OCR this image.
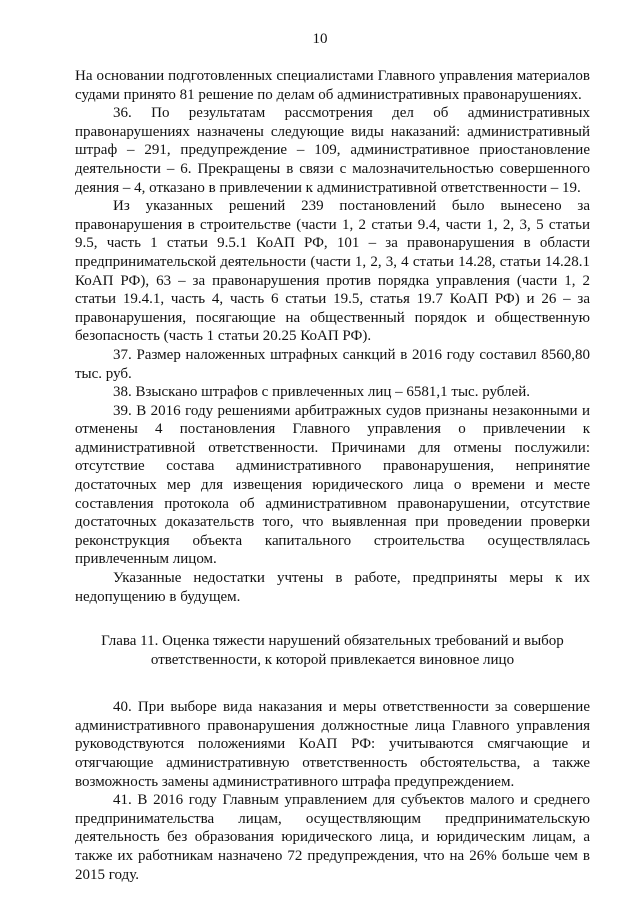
10

На основании подготовленных специалистами Главного управления материалов судами принято 81 решение по делам об административных правонарушениях.

36. По результатам рассмотрения дел об административных правонарушениях назначены следующие виды наказаний: административный штраф – 291, предупреждение – 109, административное приостановление деятельности – 6. Прекращены в связи с малозначительностью совершенного деяния – 4, отказано в привлечении к административной ответственности – 19.

Из указанных решений 239 постановлений было вынесено за правонарушения в строительстве (части 1, 2 статьи 9.4, части 1, 2, 3, 5 статьи 9.5, часть 1 статьи 9.5.1 КоАП РФ, 101 – за правонарушения в области предпринимательской деятельности (части 1, 2, 3, 4 статьи 14.28, статьи 14.28.1 КоАП РФ), 63 – за правонарушения против порядка управления (части 1, 2 статьи 19.4.1, часть 4, часть 6 статьи 19.5, статья 19.7 КоАП РФ) и 26 – за правонарушения, посягающие на общественный порядок и общественную безопасность (часть 1 статьи 20.25 КоАП РФ).

37. Размер наложенных штрафных санкций в 2016 году составил 8560,80 тыс. руб.

38. Взыскано штрафов с привлеченных лиц – 6581,1 тыс. рублей.

39. В 2016 году решениями арбитражных судов признаны незаконными и отменены 4 постановления Главного управления о привлечении к административной ответственности. Причинами для отмены послужили: отсутствие состава административного правонарушения, непринятие достаточных мер для извещения юридического лица о времени и месте составления протокола об административном правонарушении, отсутствие достаточных доказательств того, что выявленная при проведении проверки реконструкция объекта капитального строительства осуществлялась привлеченным лицом.

Указанные недостатки учтены в работе, предприняты меры к их недопущению в будущем.

Глава 11. Оценка тяжести нарушений обязательных требований и выбор
ответственности, к которой привлекается виновное лицо

40. При выборе вида наказания и меры ответственности за совершение административного правонарушения должностные лица Главного управления руководствуются положениями КоАП РФ: учитываются смягчающие и отягчающие административную ответственность обстоятельства, а также возможность замены административного штрафа предупреждением.

41. В 2016 году Главным управлением для субъектов малого и среднего предпринимательства лицам, осуществляющим предпринимательскую деятельность без образования юридического лица, и юридическим лицам, а также их работникам назначено 72 предупреждения, что на 26% больше чем в 2015 году.
